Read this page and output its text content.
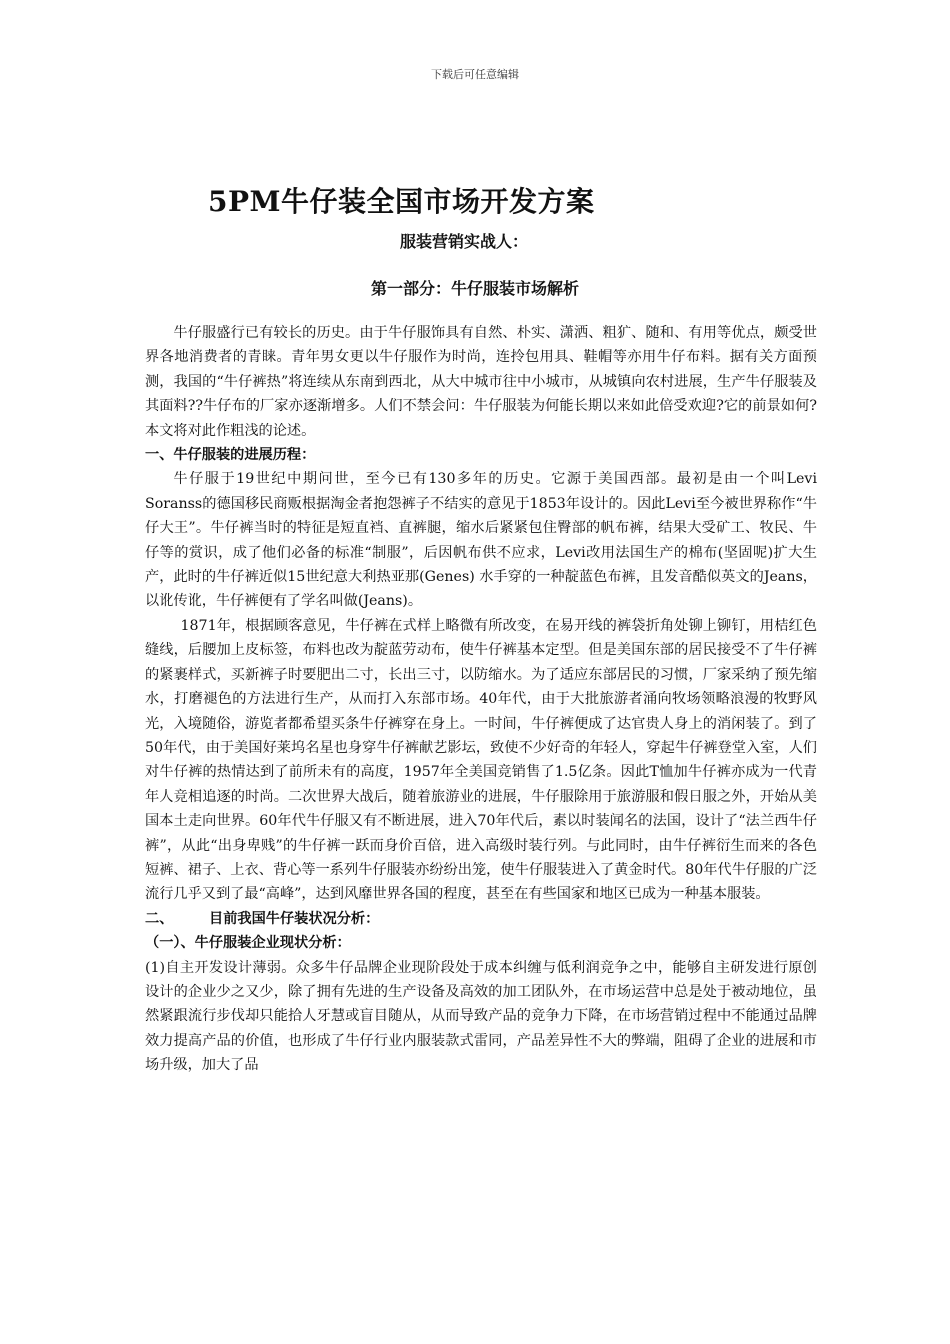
下载后可任意编辑
5PM牛仔装全国市场开发方案
服装营销实战人：
第一部分：牛仔服装市场解析

牛仔服盛行已有较长的历史。由于牛仔服饰具有自然、朴实、潇洒、粗犷、随和、有用等优点，颇受世界各地消费者的青睐。青年男女更以牛仔服作为时尚，连拎包用具、鞋帽等亦用牛仔布料。据有关方面预测，我国的“牛仔裤热”将连续从东南到西北，从大中城市往中小城市，从城镇向农村进展，生产牛仔服装及其面料??牛仔布的厂家亦逐渐增多。人们不禁会问：牛仔服装为何能长期以来如此倍受欢迎?它的前景如何?本文将对此作粗浅的论述。

一、牛仔服装的进展历程：

牛仔服于19世纪中期问世，至今已有130多年的历史。它源于美国西部。最初是由一个叫Levi Soranss的德国移民商贩根据淘金者抱怨裤子不结实的意见于1853年设计的。因此Levi至今被世界称作“牛仔大王”。牛仔裤当时的特征是短直裆、直裤腿，缩水后紧紧包住臀部的帆布裤，结果大受矿工、牧民、牛仔等的赏识，成了他们必备的标准“制服”，后因帆布供不应求，Levi改用法国生产的棉布(坚固呢)扩大生产，此时的牛仔裤近似15世纪意大利热亚那(Genes) 水手穿的一种靛蓝色布裤，且发音酷似英文的Jeans，以讹传讹，牛仔裤便有了学名叫做(Jeans)。

1871年，根据顾客意见，牛仔裤在式样上略微有所改变，在易开线的裤袋折角处铆上铆钉，用桔红色缝线，后腰加上皮标签，布料也改为靛蓝劳动布，使牛仔裤基本定型。但是美国东部的居民接受不了牛仔裤的紧裹样式，买新裤子时要肥出二寸，长出三寸，以防缩水。为了适应东部居民的习惯，厂家采纳了预先缩水，打磨褪色的方法进行生产，从而打入东部市场。40年代，由于大批旅游者涌向牧场领略浪漫的牧野风光，入境随俗，游览者都希望买条牛仔裤穿在身上。一时间，牛仔裤便成了达官贵人身上的消闲装了。到了50年代，由于美国好莱坞名星也身穿牛仔裤献艺影坛，致使不少好奇的年轻人，穿起牛仔裤登堂入室，人们对牛仔裤的热情达到了前所未有的高度，1957年全美国竞销售了1.5亿条。因此T恤加牛仔裤亦成为一代青年人竞相追逐的时尚。二次世界大战后，随着旅游业的进展，牛仔服除用于旅游服和假日服之外，开始从美国本土走向世界。60年代牛仔服又有不断进展，进入70年代后，素以时装闻名的法国，设计了“法兰西牛仔裤”，从此“出身卑贱”的牛仔裤一跃而身价百倍，进入高级时装行列。与此同时，由牛仔裤衍生而来的各色短裤、裙子、上衣、背心等一系列牛仔服装亦纷纷出笼，使牛仔服装进入了黄金时代。80年代牛仔服的广泛流行几乎又到了最“高峰”，达到风靡世界各国的程度，甚至在有些国家和地区已成为一种基本服装。

二、	目前我国牛仔装状况分析：

（一）、牛仔服装企业现状分析：

(1)自主开发设计薄弱。众多牛仔品牌企业现阶段处于成本纠缠与低利润竞争之中，能够自主研发进行原创设计的企业少之又少，除了拥有先进的生产设备及高效的加工团队外，在市场运营中总是处于被动地位，虽然紧跟流行步伐却只能拾人牙慧或盲目随从，从而导致产品的竞争力下降，在市场营销过程中不能通过品牌效力提高产品的价值，也形成了牛仔行业内服装款式雷同，产品差异性不大的弊端，阻碍了企业的进展和市场升级，加大了品
